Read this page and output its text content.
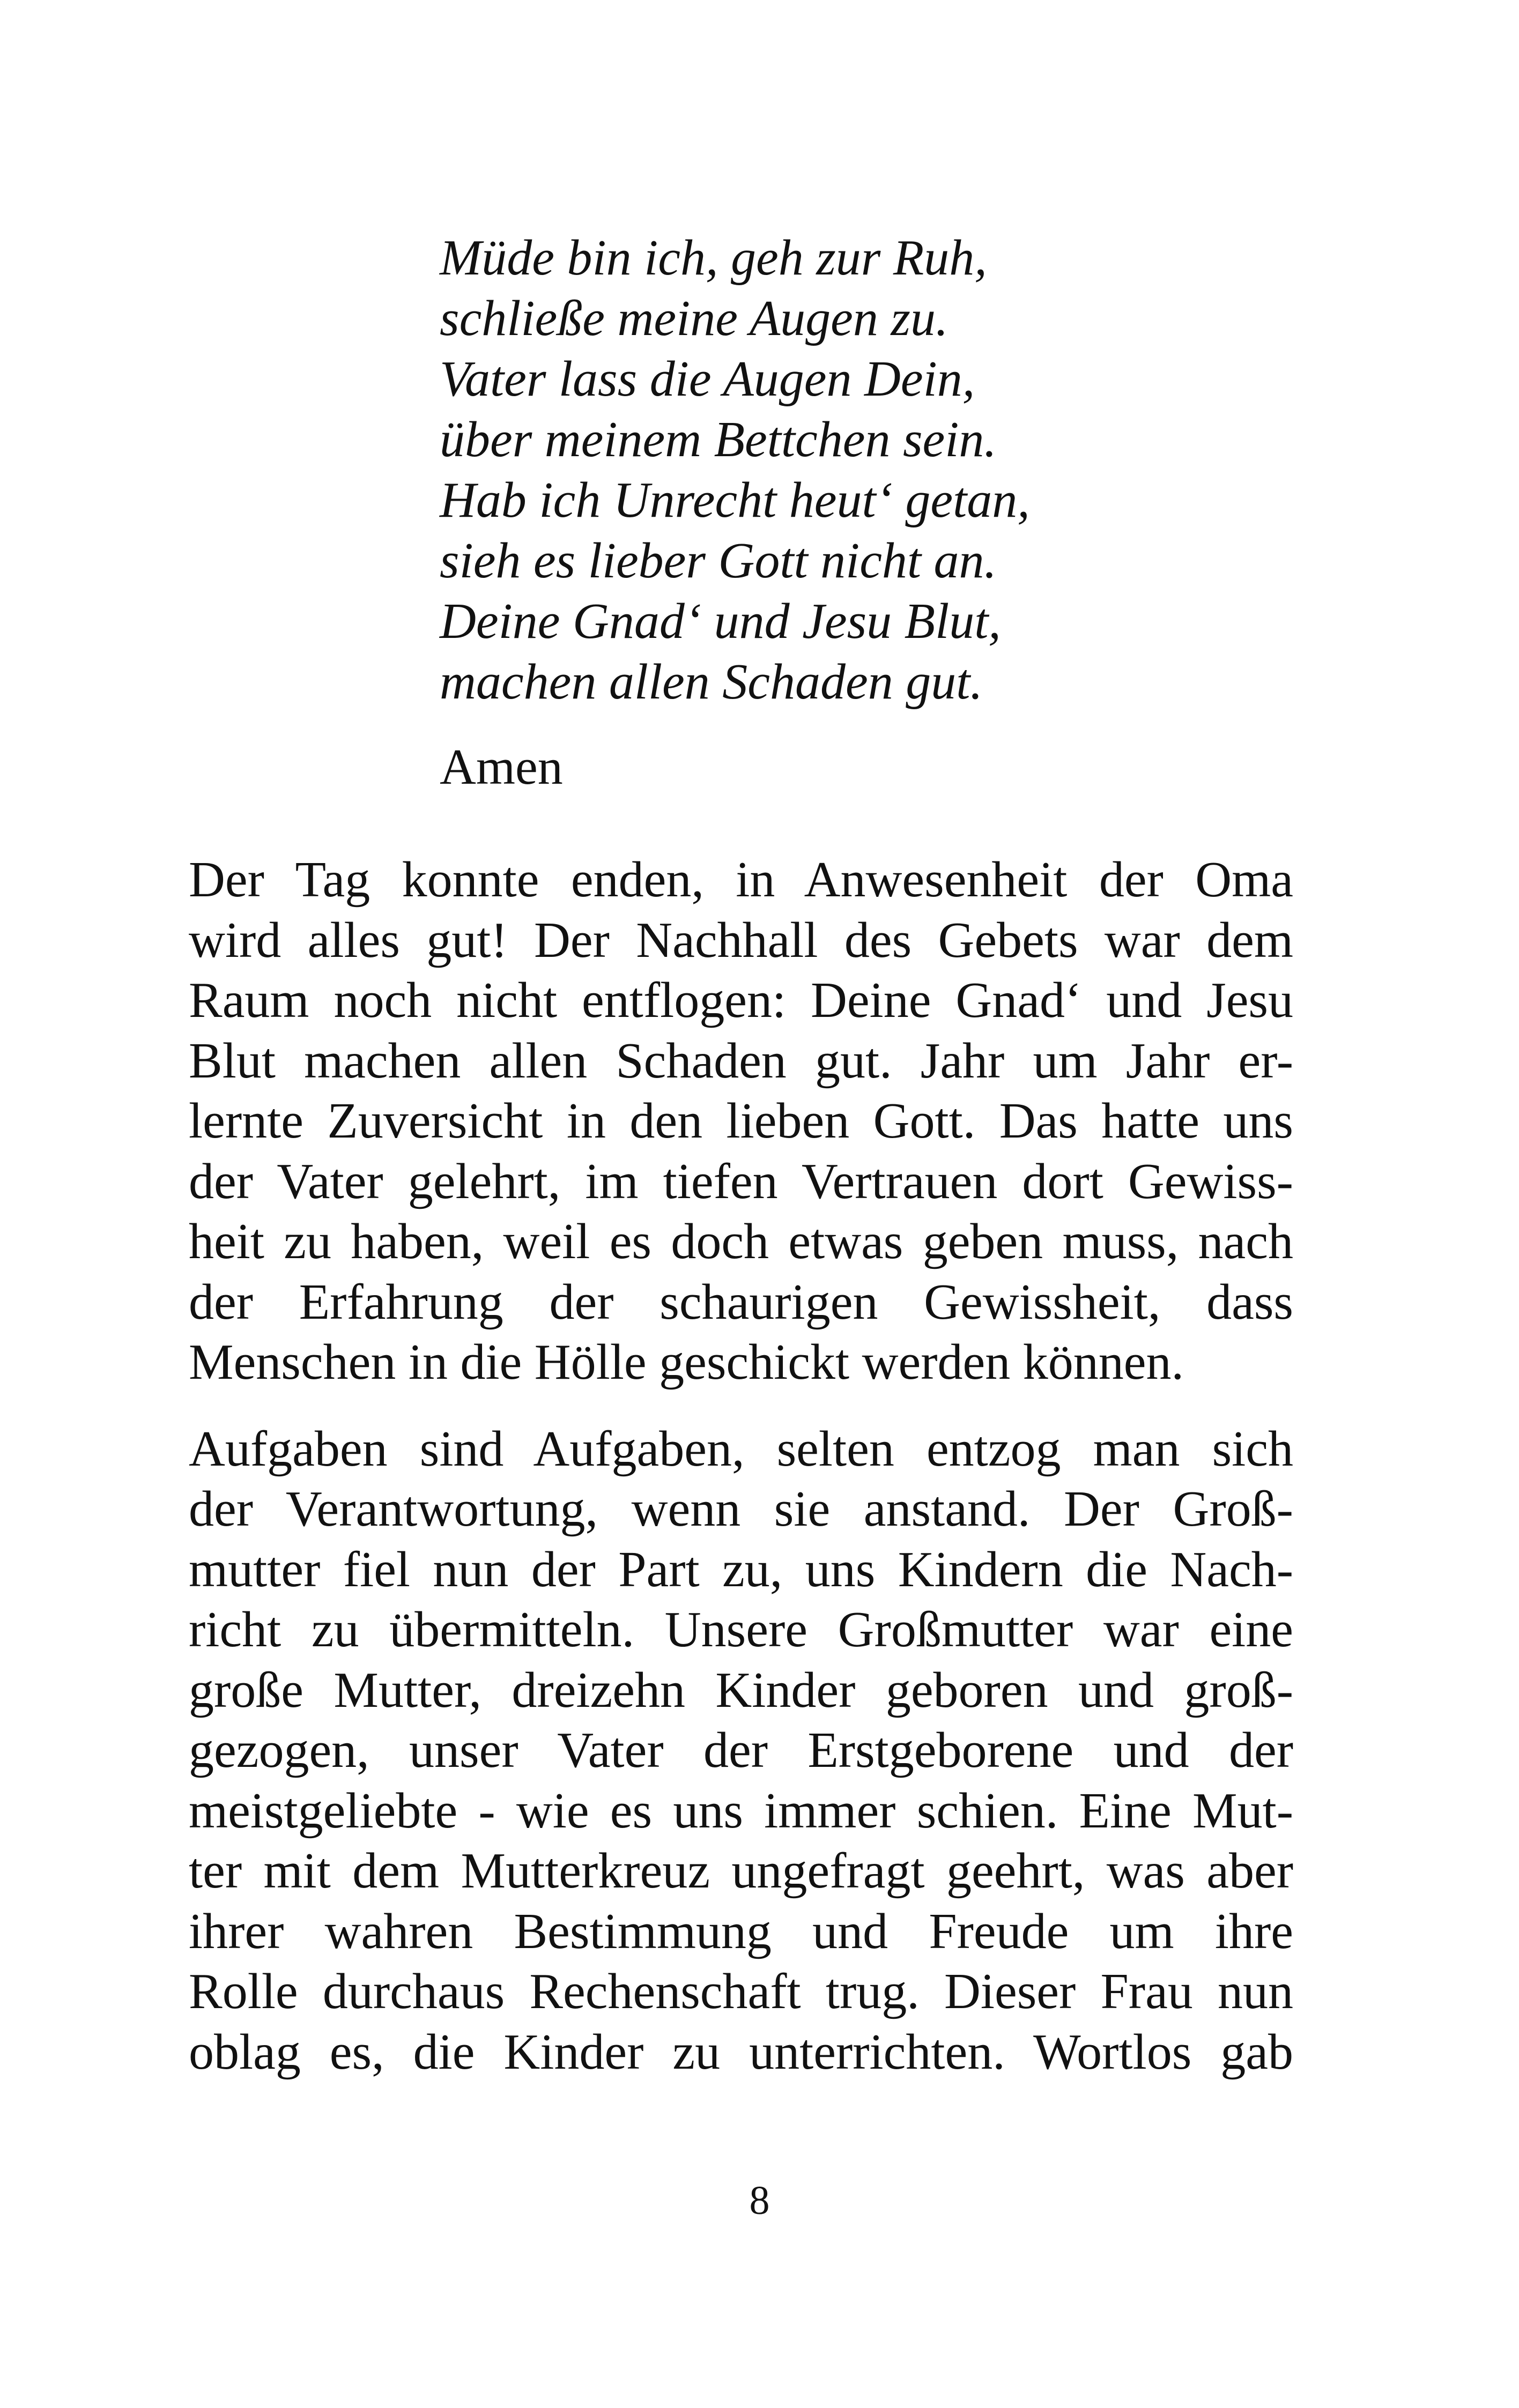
Müde bin ich, geh zur Ruh,
schließe meine Augen zu.
Vater lass die Augen Dein,
über meinem Bettchen sein.
Hab ich Unrecht heut‘ getan,
sieh es lieber Gott nicht an.
Deine Gnad‘ und Jesu Blut,
machen allen Schaden gut.
Amen
Der Tag konnte enden, in Anwesenheit der Oma
wird alles gut! Der Nachhall des Gebets war dem
Raum noch nicht entflogen: Deine Gnad‘ und Jesu
Blut machen allen Schaden gut. Jahr um Jahr er-
lernte Zuversicht in den lieben Gott. Das hatte uns
der Vater gelehrt, im tiefen Vertrauen dort Gewiss-
heit zu haben, weil es doch etwas geben muss, nach
der Erfahrung der schaurigen Gewissheit, dass
Menschen in die Hölle geschickt werden können.
Aufgaben sind Aufgaben, selten entzog man sich
der Verantwortung, wenn sie anstand. Der Groß-
mutter fiel nun der Part zu, uns Kindern die Nach-
richt zu übermitteln. Unsere Großmutter war eine
große Mutter, dreizehn Kinder geboren und groß-
gezogen, unser Vater der Erstgeborene und der
meistgeliebte - wie es uns immer schien. Eine Mut-
ter mit dem Mutterkreuz ungefragt geehrt, was aber
ihrer wahren Bestimmung und Freude um ihre
Rolle durchaus Rechenschaft trug. Dieser Frau nun
oblag es, die Kinder zu unterrichten. Wortlos gab
8
